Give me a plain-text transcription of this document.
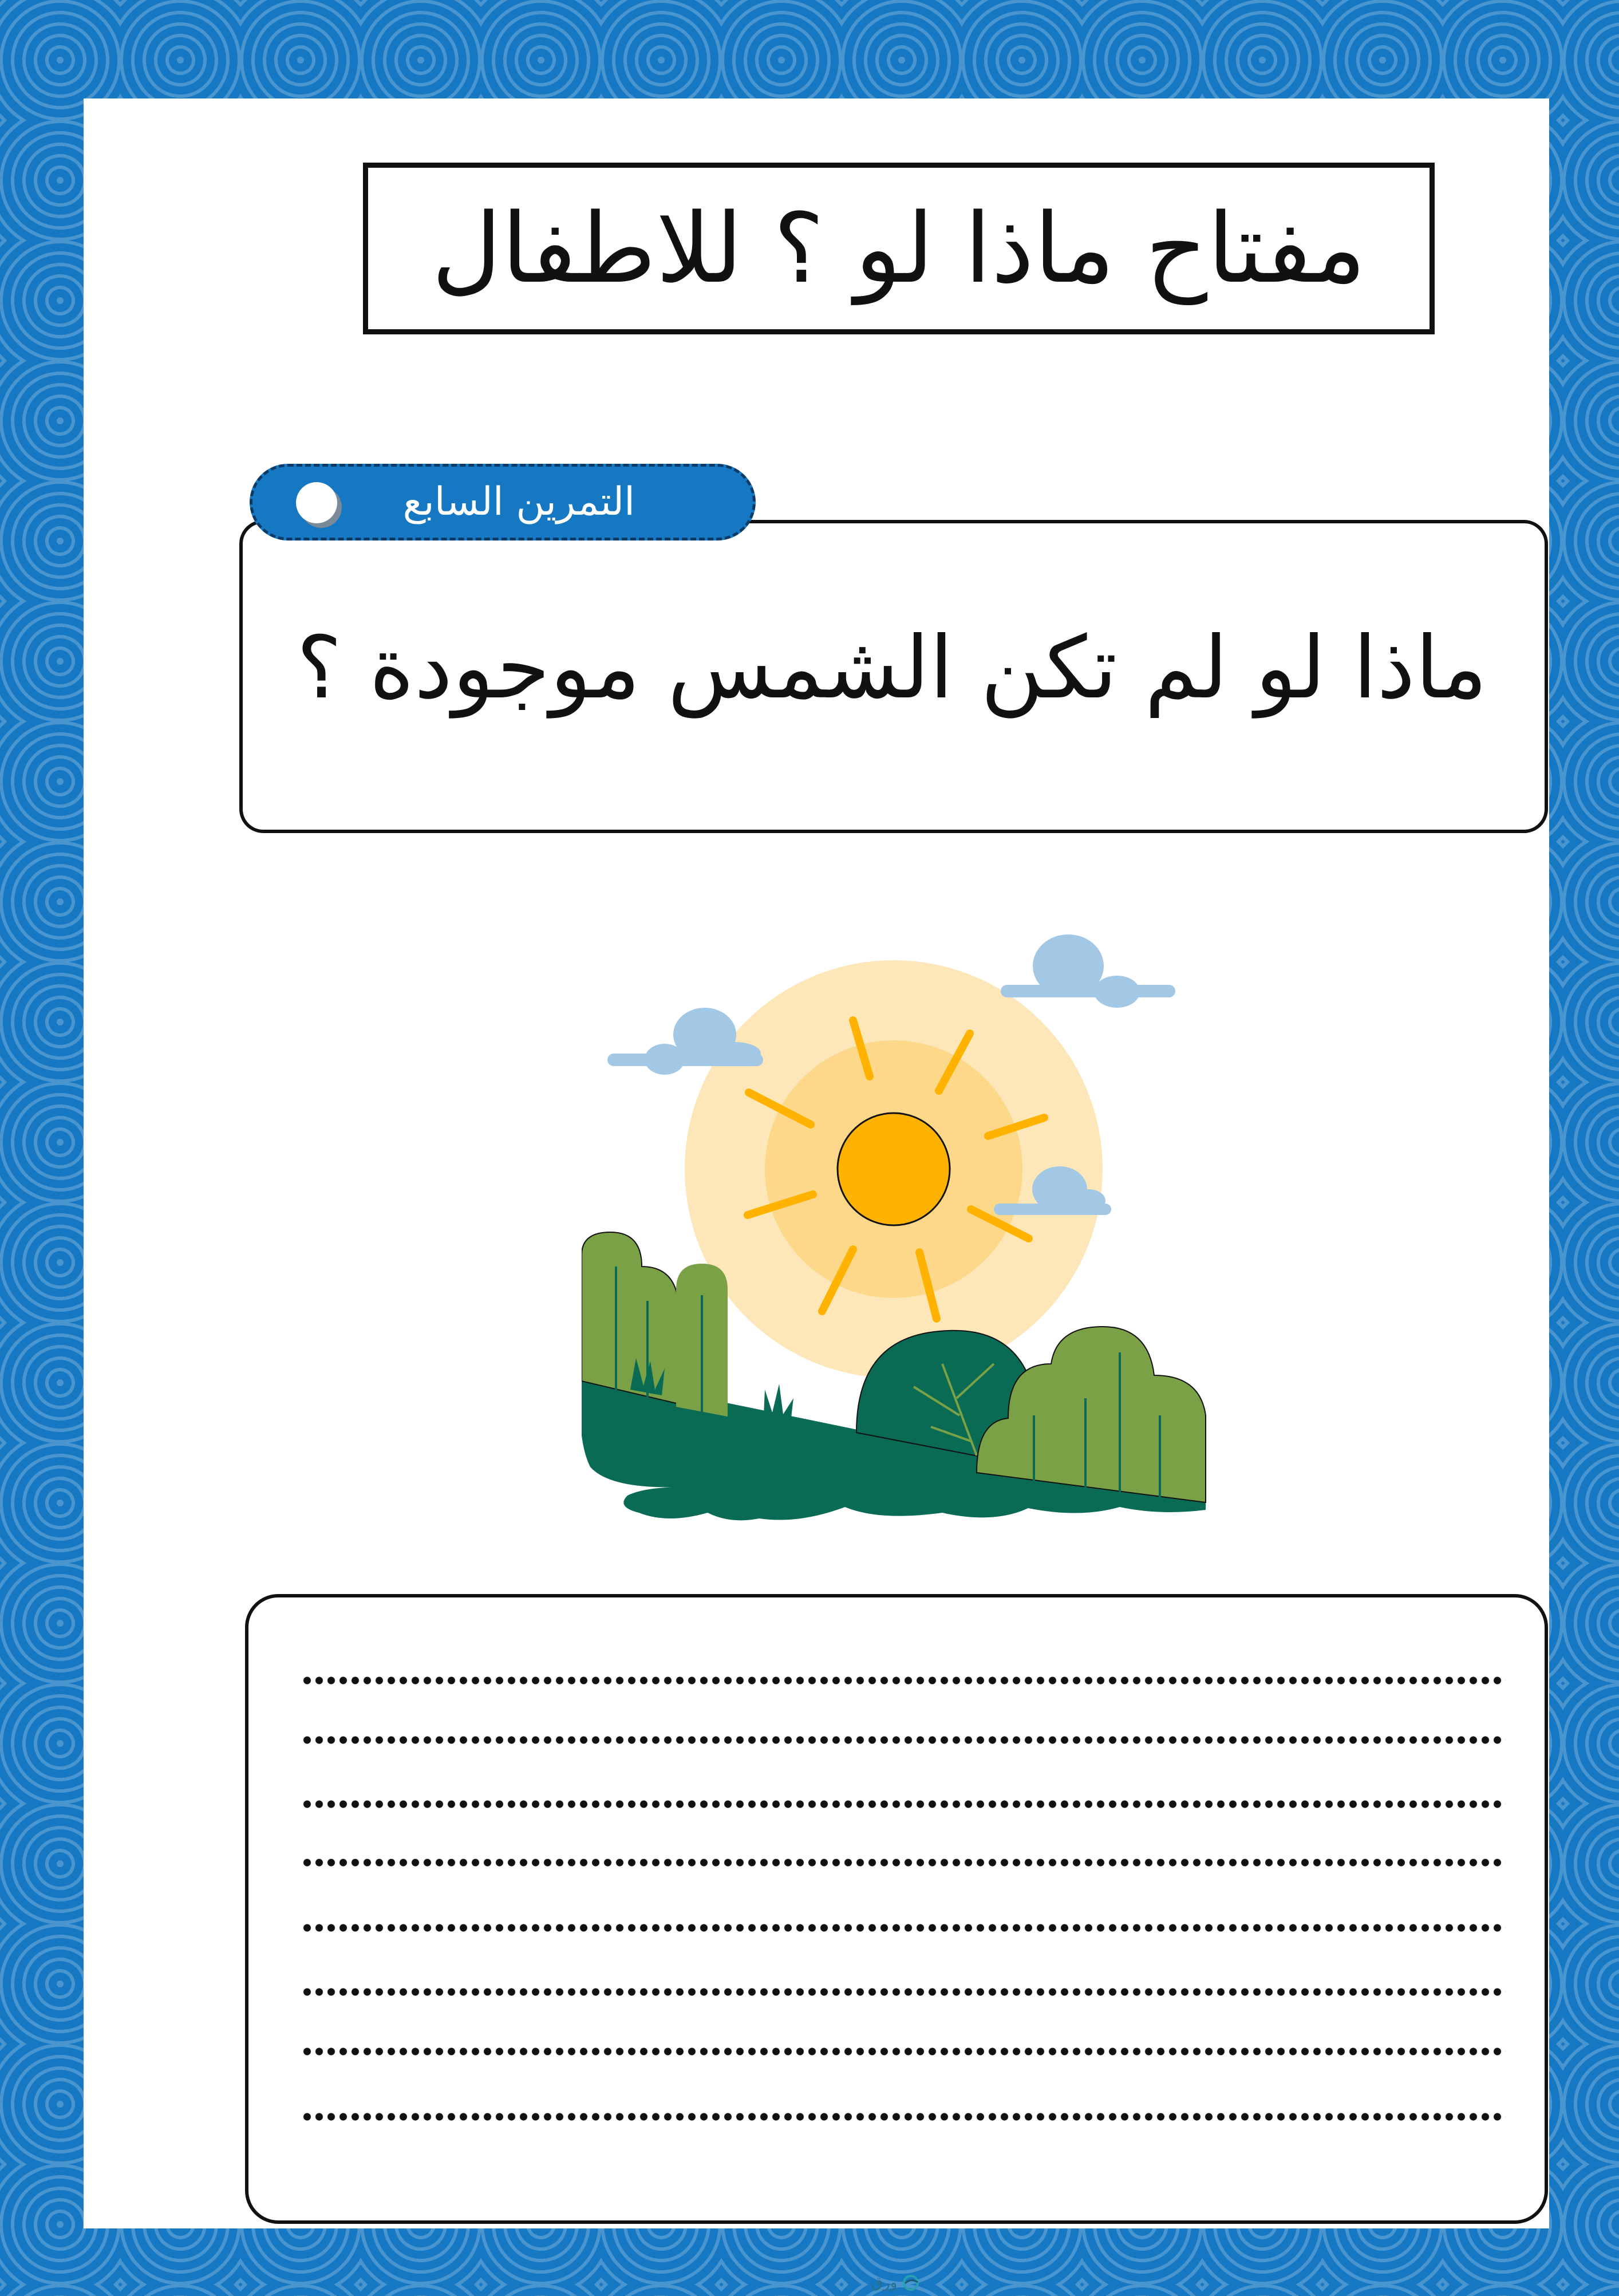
مفتاح ماذا لو ؟ للاطفال
ماذا لو لم تكن الشمس موجودة ؟
التمرين السابع
ورق
